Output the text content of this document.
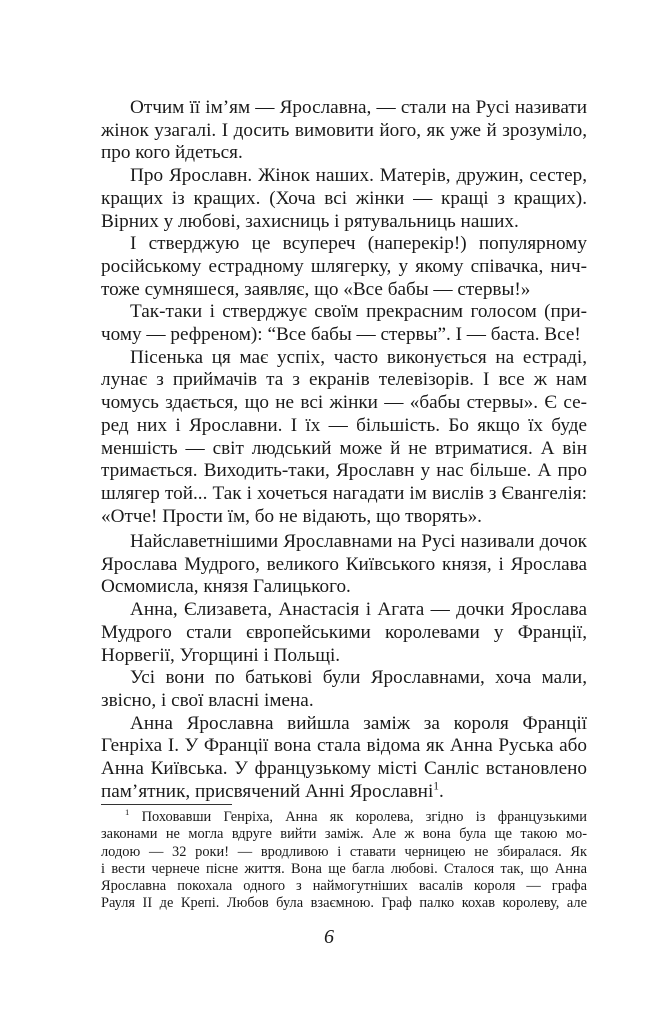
Отчим її ім’ям — Ярославна, — стали на Русі називати
жінок узагалі. І досить вимовити його, як уже й зрозуміло,
про кого йдеться.

Про Ярославн. Жінок наших. Матерів, дружин, сестер,
кращих із кращих. (Хоча всі жінки — кращі з кращих).
Вірних у любові, захисниць і рятувальниць наших.

І стверджую це всупереч (наперекір!) популярному
російському естрадному шлягерку, у якому співачка, нич-
тоже сумняшеся, заявляє, що «Все бабы — стервы!»

Так-таки і стверджує своїм прекрасним голосом (при-
чому — рефреном): “Все бабы — стервы”. І — баста. Все!

Пісенька ця має успіх, часто виконується на естраді,
лунає з приймачів та з екранів телевізорів. І все ж нам
чомусь здається, що не всі жінки — «бабы стервы». Є се-
ред них і Ярославни. І їх — більшість. Бо якщо їх буде
меншість — світ людський може й не втриматися. А він
тримається. Виходить-таки, Ярославн у нас більше. А про
шлягер той... Так і хочеться нагадати ім вислів з Євангелія:
«Отче! Прости їм, бо не відають, що творять».

Найславетнішими Ярославнами на Русі називали дочок
Ярослава Мудрого, великого Київського князя, і Ярослава
Осмомисла, князя Галицького.

Анна, Єлизавета, Анастасія і Агата — дочки Ярослава
Мудрого стали європейськими королевами у Франції,
Норвегії, Угорщині і Польщі.

Усі вони по батькові були Ярославнами, хоча мали,
звісно, і свої власні імена.

Анна Ярославна вийшла заміж за короля Франції
Генріха І. У Франції вона стала відома як Анна Руська або
Анна Київська. У французькому місті Санліс встановлено
пам’ятник, присвячений Анні Ярославні$^1$.

$^1$ Поховавши Генріха, Анна як королева, згідно із французькими
законами не могла вдруге вийти заміж. Але ж вона була ще такою мо-
лодою — 32 роки! — вродливою і ставати черницею не збиралася. Як
і вести чернече пісне життя. Вона ще багла любові. Сталося так, що Анна
Ярославна покохала одного з наймогутніших васалів короля — графа
Рауля II де Крепі. Любов була взаємною. Граф палко кохав королеву, але
6
